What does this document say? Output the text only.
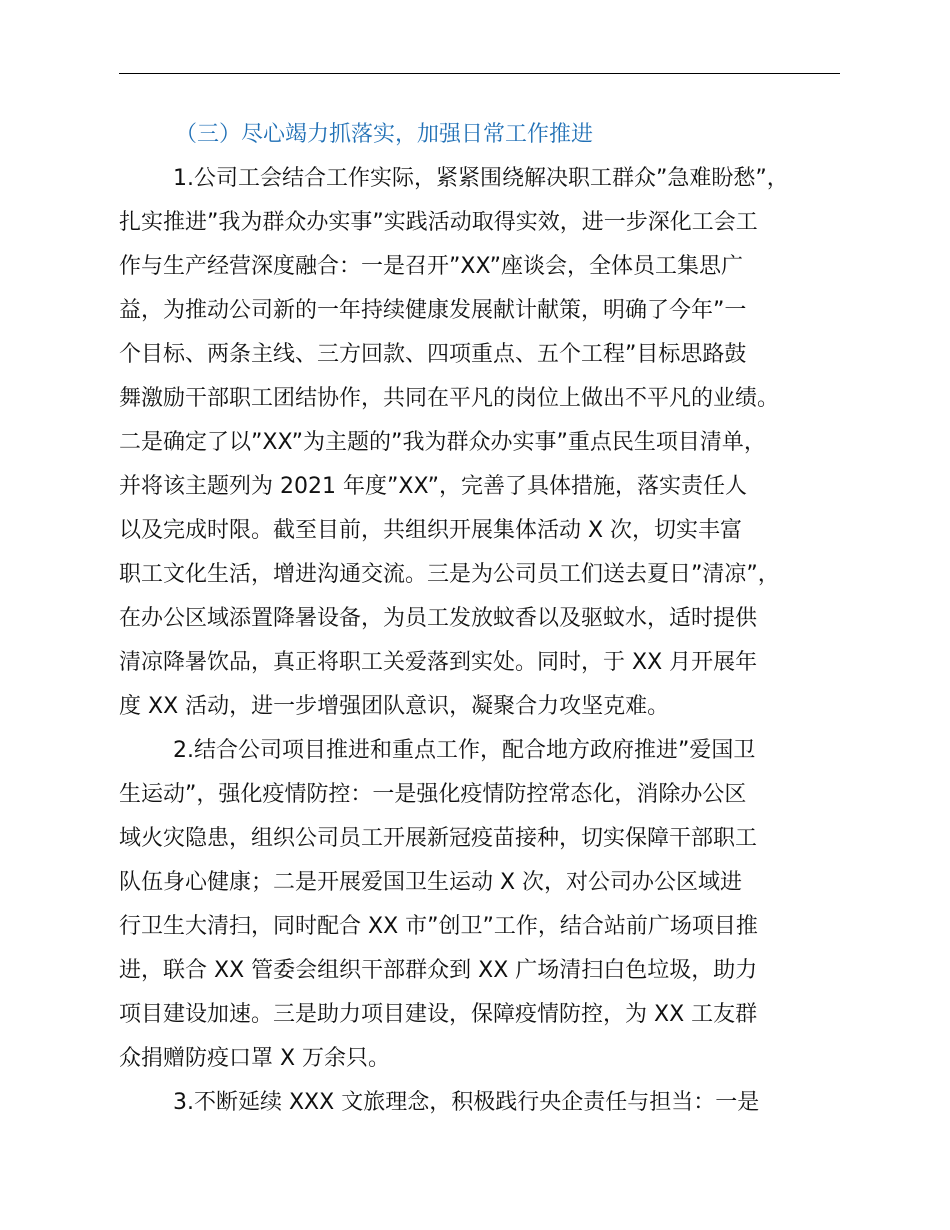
（三）尽心竭力抓落实，加强日常工作推进
1.公司工会结合工作实际，紧紧围绕解决职工群众”急难盼愁”，
扎实推进”我为群众办实事”实践活动取得实效，进一步深化工会工
作与生产经营深度融合：一是召开”XX”座谈会，全体员工集思广
益，为推动公司新的一年持续健康发展献计献策，明确了今年”一
个目标、两条主线、三方回款、四项重点、五个工程”目标思路鼓
舞激励干部职工团结协作，共同在平凡的岗位上做出不平凡的业绩。
二是确定了以”XX”为主题的”我为群众办实事”重点民生项目清单，
并将该主题列为 2021 年度”XX”，完善了具体措施，落实责任人
以及完成时限。截至目前，共组织开展集体活动 X 次，切实丰富
职工文化生活，增进沟通交流。三是为公司员工们送去夏日”清凉”，
在办公区域添置降暑设备，为员工发放蚊香以及驱蚊水，适时提供
清凉降暑饮品，真正将职工关爱落到实处。同时，于 XX 月开展年
度 XX 活动，进一步增强团队意识，凝聚合力攻坚克难。
2.结合公司项目推进和重点工作，配合地方政府推进”爱国卫
生运动”，强化疫情防控：一是强化疫情防控常态化，消除办公区
域火灾隐患，组织公司员工开展新冠疫苗接种，切实保障干部职工
队伍身心健康；二是开展爱国卫生运动 X 次，对公司办公区域进
行卫生大清扫，同时配合 XX 市”创卫”工作，结合站前广场项目推
进，联合 XX 管委会组织干部群众到 XX 广场清扫白色垃圾，助力
项目建设加速。三是助力项目建设，保障疫情防控，为 XX 工友群
众捐赠防疫口罩 X 万余只。
3.不断延续 XXX 文旅理念，积极践行央企责任与担当：一是
